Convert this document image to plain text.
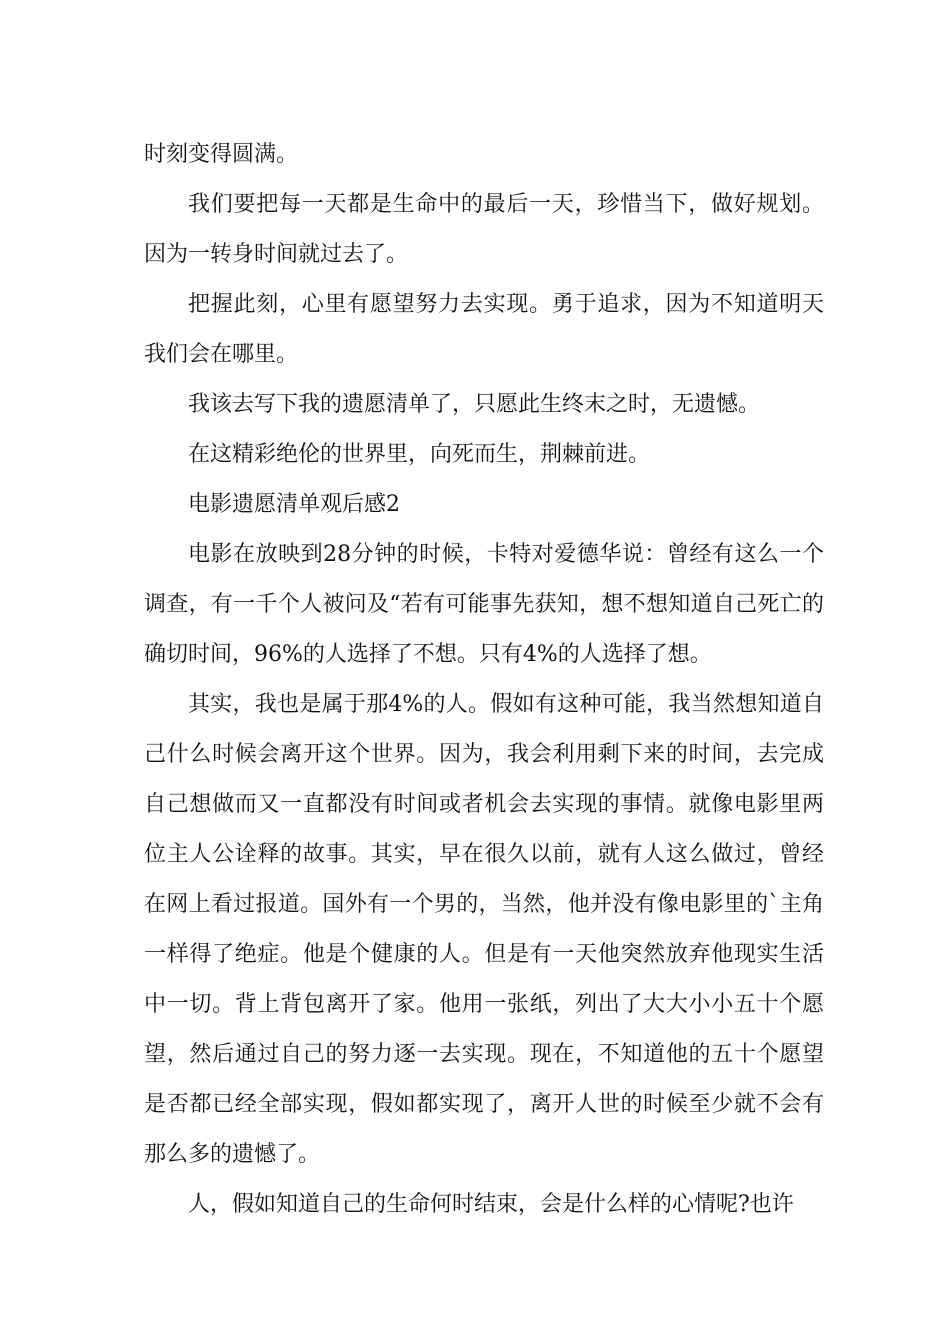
时刻变得圆满。

我们要把每一天都是生命中的最后一天，珍惜当下，做好规划。因为一转身时间就过去了。

把握此刻，心里有愿望努力去实现。勇于追求，因为不知道明天我们会在哪里。

我该去写下我的遗愿清单了，只愿此生终末之时，无遗憾。

在这精彩绝伦的世界里，向死而生，荆棘前进。

电影遗愿清单观后感2

电影在放映到28分钟的时候，卡特对爱德华说：曾经有这么一个调查，有一千个人被问及“若有可能事先获知，想不想知道自己死亡的确切时间，96%的人选择了不想。只有4%的人选择了想。

其实，我也是属于那4%的人。假如有这种可能，我当然想知道自己什么时候会离开这个世界。因为，我会利用剩下来的时间，去完成自己想做而又一直都没有时间或者机会去实现的事情。就像电影里两位主人公诠释的故事。其实，早在很久以前，就有人这么做过，曾经在网上看过报道。国外有一个男的，当然，他并没有像电影里的`主角一样得了绝症。他是个健康的人。但是有一天他突然放弃他现实生活中一切。背上背包离开了家。他用一张纸，列出了大大小小五十个愿望，然后通过自己的努力逐一去实现。现在，不知道他的五十个愿望是否都已经全部实现，假如都实现了，离开人世的时候至少就不会有那么多的遗憾了。

人，假如知道自己的生命何时结束，会是什么样的心情呢?也许
